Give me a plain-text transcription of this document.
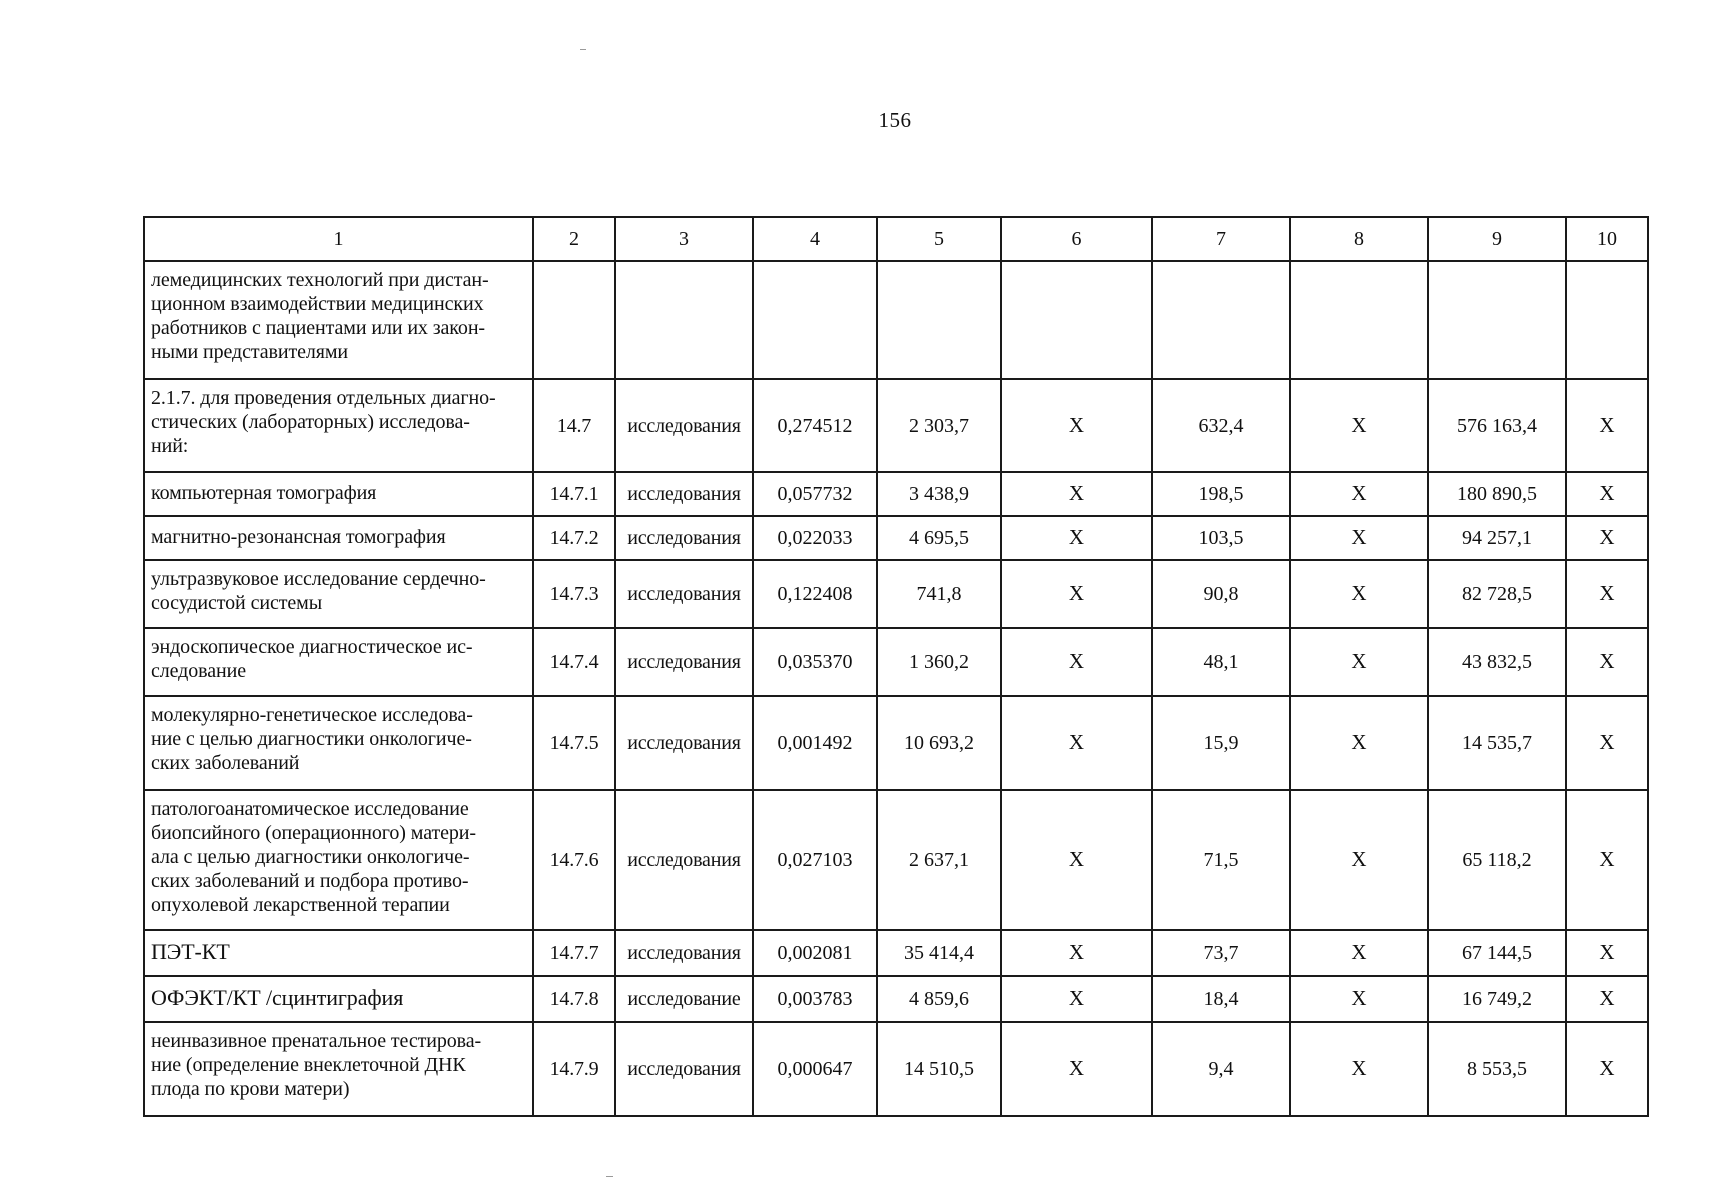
156
1	2	3	4	5	6	7	8	9	10

лемедицинских технологий при дистан-
ционном взаимодействии медицинских
работников с пациентами или их закон-
ными представителями									

2.1.7. для проведения отдельных диагно-
стических (лабораторных) исследова-
ний:	14.7	исследования	0,274512	2 303,7	X	632,4	X	576 163,4	X

компьютерная томография	14.7.1	исследования	0,057732	3 438,9	X	198,5	X	180 890,5	X

магнитно-резонансная томография	14.7.2	исследования	0,022033	4 695,5	X	103,5	X	94 257,1	X

ультразвуковое исследование сердечно-
сосудистой системы	14.7.3	исследования	0,122408	741,8	X	90,8	X	82 728,5	X

эндоскопическое диагностическое ис-
следование	14.7.4	исследования	0,035370	1 360,2	X	48,1	X	43 832,5	X

молекулярно-генетическое исследова-
ние с целью диагностики онкологиче-
ских заболеваний	14.7.5	исследования	0,001492	10 693,2	X	15,9	X	14 535,7	X

патологоанатомическое исследование
биопсийного (операционного) матери-
ала с целью диагностики онкологиче-
ских заболеваний и подбора противо-
опухолевой лекарственной терапии	14.7.6	исследования	0,027103	2 637,1	X	71,5	X	65 118,2	X

ПЭТ-КТ	14.7.7	исследования	0,002081	35 414,4	X	73,7	X	67 144,5	X

ОФЭКТ/КТ /сцинтиграфия	14.7.8	исследование	0,003783	4 859,6	X	18,4	X	16 749,2	X

неинвазивное пренатальное тестирова-
ние (определение внеклеточной ДНК
плода по крови матери)	14.7.9	исследования	0,000647	14 510,5	X	9,4	X	8 553,5	X
